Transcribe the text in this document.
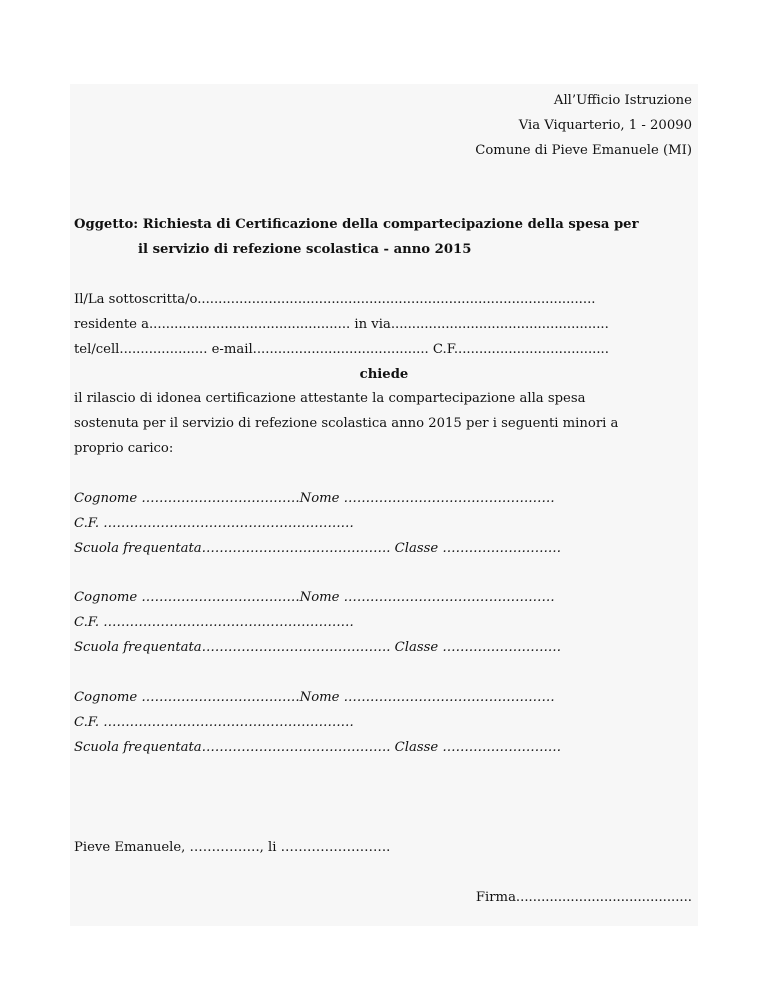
All’Ufficio Istruzione
Via Viquarterio, 1 - 20090
Comune di Pieve Emanuele (MI)
Oggetto: Richiesta di Certificazione della compartecipazione della spesa per
il servizio di refezione scolastica - anno 2015
Il/La sottoscritta/o...............................................................................................
residente a................................................ in via....................................................
tel/cell..................... e-mail.......................................... C.F.....................................
chiede
il rilascio di idonea certificazione attestante la compartecipazione alla spesa
sostenuta per il servizio di refezione scolastica anno 2015 per i seguenti minori a
proprio carico:
Cognome ………………………………Nome …………………………………………
C.F. …………………………………………………
Scuola frequentata……………………………………. Classe ………………………
Cognome ………………………………Nome …………………………………………
C.F. …………………………………………………
Scuola frequentata……………………………………. Classe ………………………
Cognome ………………………………Nome …………………………………………
C.F. …………………………………………………
Scuola frequentata……………………………………. Classe ………………………
Pieve Emanuele, ……………., li …………………….
Firma..........................................
